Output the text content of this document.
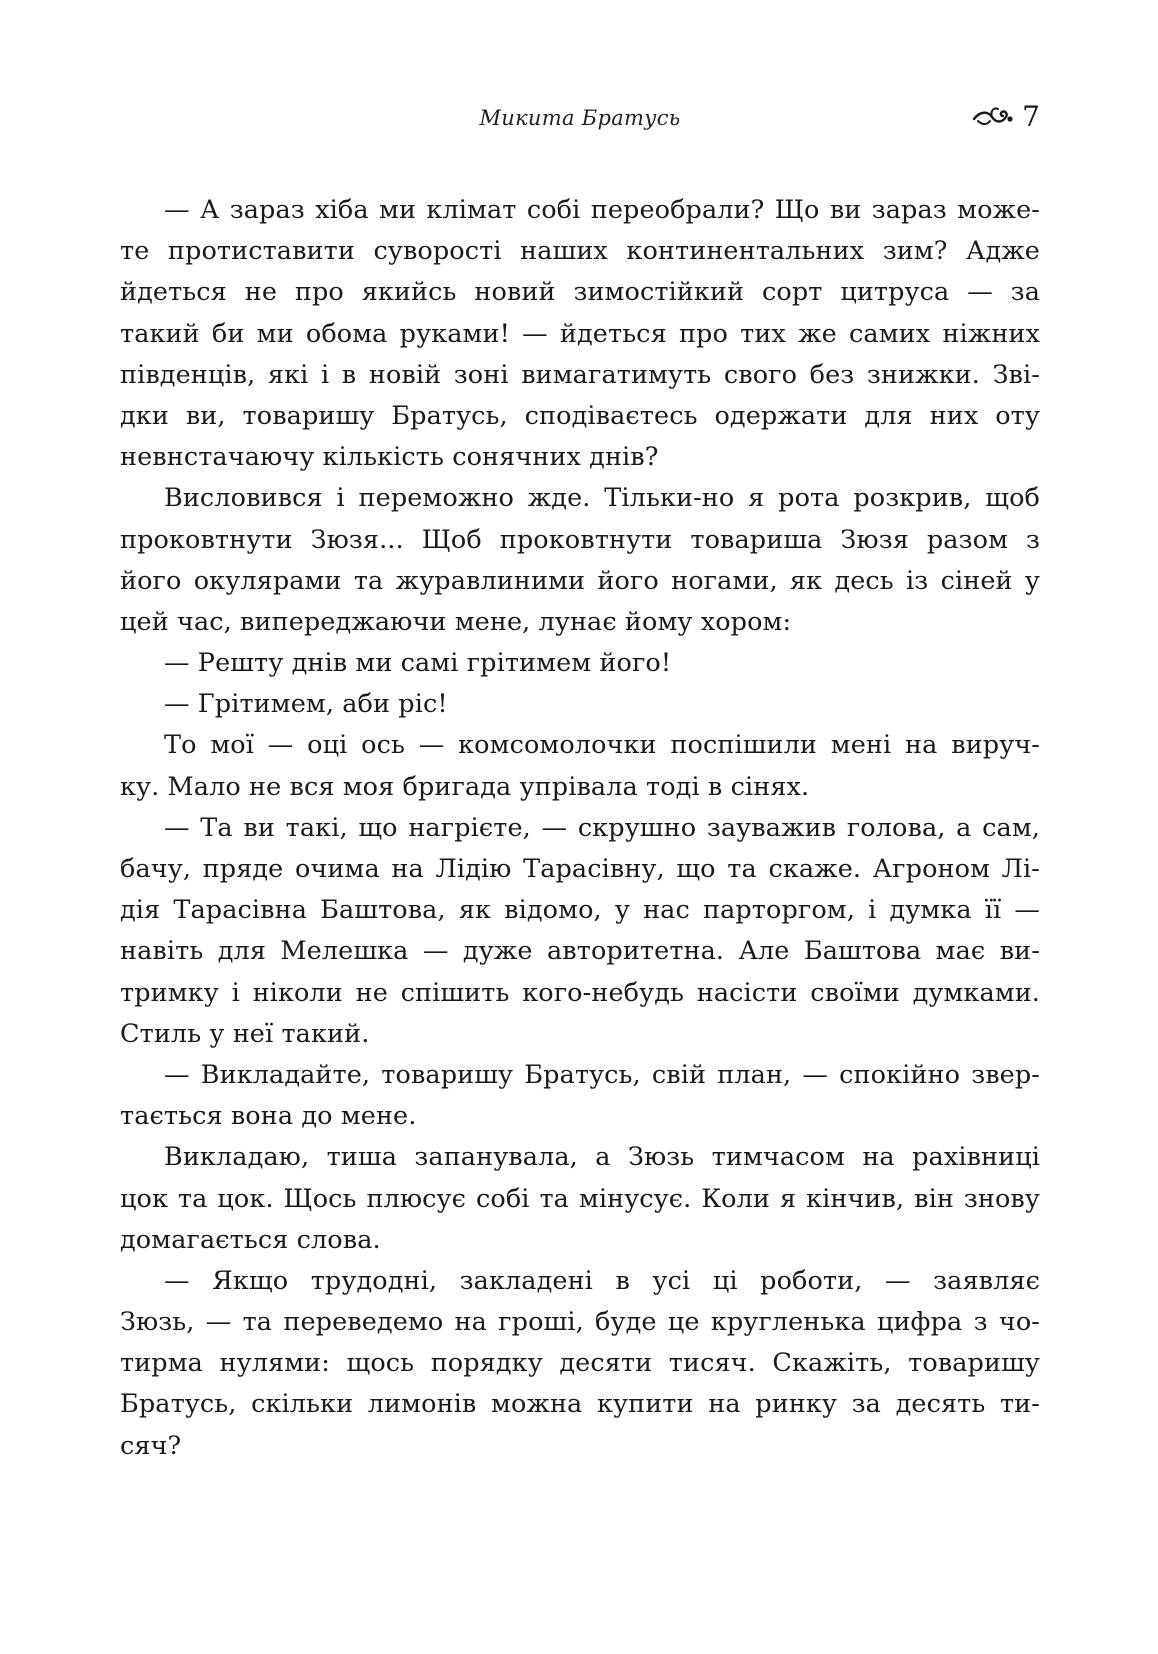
Микита Братусь	7
— А зараз хіба ми клімат собі переобрали? Що ви зараз може-
те протиставити суворості наших континентальних зим? Адже
йдеться не про якийсь новий зимостійкий сорт цитруса — за
такий би ми обома руками! — йдеться про тих же самих ніжних
південців, які і в новій зоні вимагатимуть свого без знижки. Зві-
дки ви, товаришу Братусь, сподіваєтесь одержати для них оту
невнстачаючу кількість сонячних днів?
Висловився і переможно жде. Тільки-но я рота розкрив, щоб
проковтнути Зюзя... Щоб проковтнути товариша Зюзя разом з
його окулярами та журавлиними його ногами, як десь із сіней у
цей час, випереджаючи мене, лунає йому хором:
— Решту днів ми самі грітимем його!
— Грітимем, аби ріс!
То мої — оці ось — комсомолочки поспішили мені на вируч-
ку. Мало не вся моя бригада упрівала тоді в сінях.
— Та ви такі, що нагрієте, — скрушно зауважив голова, а сам,
бачу, пряде очима на Лідію Тарасівну, що та скаже. Агроном Лі-
дія Тарасівна Баштова, як відомо, у нас парторгом, і думка її —
навіть для Мелешка — дуже авторитетна. Але Баштова має ви-
тримку і ніколи не спішить кого-небудь насісти своїми думками.
Стиль у неї такий.
— Викладайте, товаришу Братусь, свій план, — спокійно звер-
тається вона до мене.
Викладаю, тиша запанувала, а Зюзь тимчасом на рахівниці
цок та цок. Щось плюсує собі та мінусує. Коли я кінчив, він знову
домагається слова.
— Якщо трудодні, закладені в усі ці роботи, — заявляє
Зюзь, — та переведемо на гроші, буде це кругленька цифра з чо-
тирма нулями: щось порядку десяти тисяч. Скажіть, товаришу
Братусь, скільки лимонів можна купити на ринку за десять ти-
сяч?
